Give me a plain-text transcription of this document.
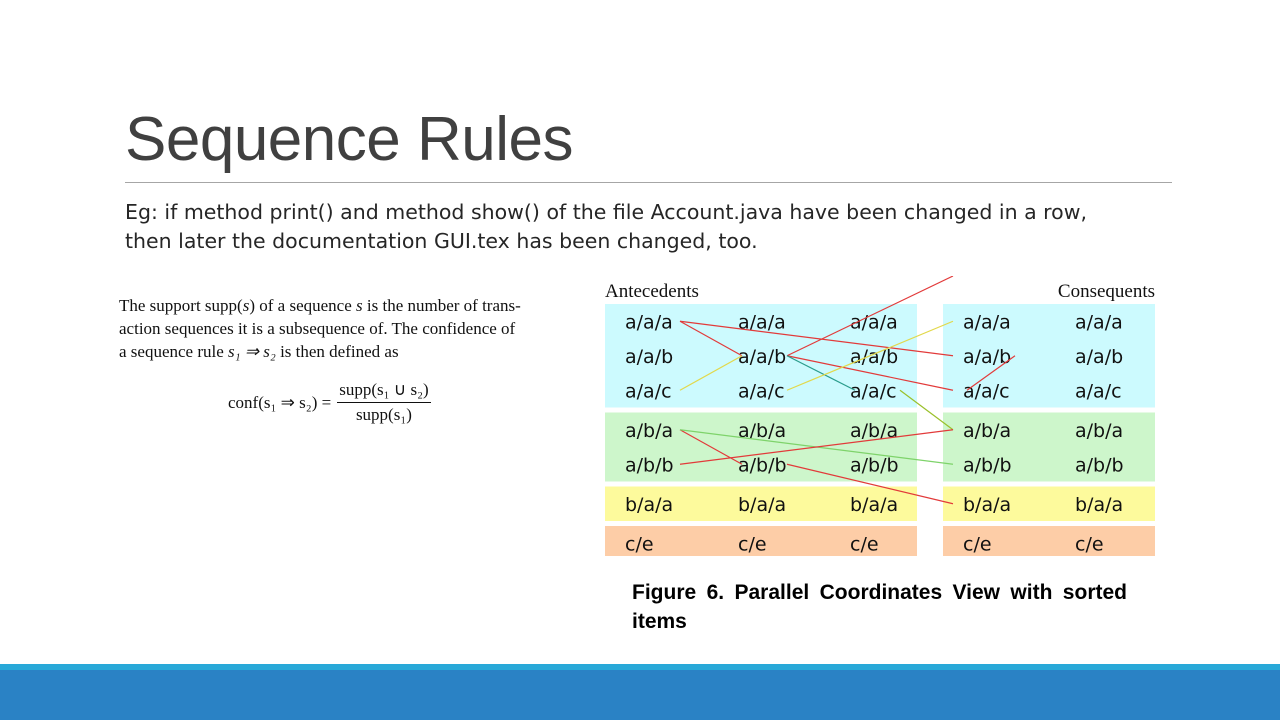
Sequence Rules

Eg: if method print() and method show() of the file Account.java have been changed in a row,
then later the documentation GUI.tex has been changed, too.

The support supp(s) of a sequence s is the number of trans-
action sequences it is a subsequence of. The confidence of
a sequence rule s₁ ⇒ s₂ is then defined as
conf(s₁ ⇒ $s_2) = \frac{\text{supp(s₁ ∪ s₂)}}{\text{supp(s₁)}}$
Antecedents	Consequents
a/a/a	a/a/a	a/a/a	a/a/a	a/a/a
a/a/b	a/a/b	a/a/b	a/a/b	a/a/b
a/a/c	a/a/c	a/a/c	a/a/c	a/a/c
a/b/a	a/b/a	a/b/a	a/b/a	a/b/a
a/b/b	a/b/b	a/b/b	a/b/b	a/b/b
b/a/a	b/a/a	b/a/a	b/a/a	b/a/a
c/e	c/e	c/e	c/e	c/e

Figure 6. Parallel Coordinates View with sorted items
